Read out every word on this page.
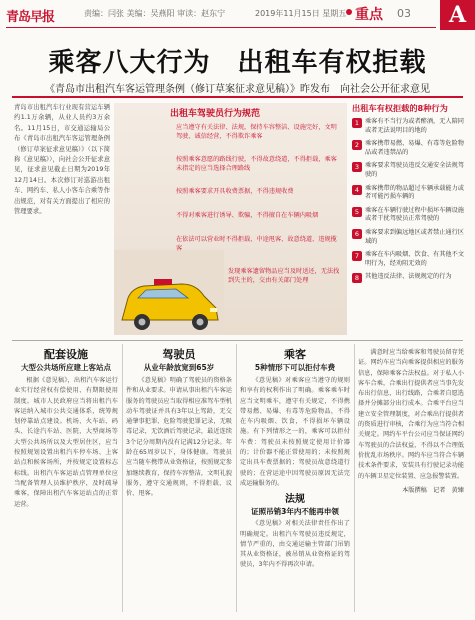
青岛早报	责编：闫张 美编：吴燕阳 审读：赵东宁	2019年11月15日 星期五 重点 03	A
乘客八大行为　出租车有权拒载
《青岛市出租汽车客运管理条例（修订草案征求意见稿）》昨发布　向社会公开征求意见
青岛市出租汽车行业现有营运车辆约1.1万余辆，从业人员约3万余名。11月15日，市交通运输局公布《青岛市出租汽车客运管理条例（修订草案征求意见稿）》（以下简称《意见稿》），向社会公开征求意见，征求意见截止日期为2019年12月14日。本次修订对巡游出租车、网约车、私人小客车合乘等作出规范，对有关方面提出了相应的管理要求。
出租车驾驶员行为规范
应当遵守有关法律、法规，保持车容整洁、设施完好，文明驾驶、诚信经营，不得欺诈乘客
按照乘客意愿的路线行驶，不得故意绕道，不得拒载，乘客未指定的应当选择合理路线
按照乘客要求开具收费票据，不得违规收费
不得对乘客进行诱导、欺骗，不得擅自在车辆内吸烟
在依法可以营业时不得拒载、中途甩客、故意绕道、违规揽客
发现乘客遗留物品应当及时送还，无法找到失主的，交由有关部门处理
出租车有权拒载的8种行为
1 乘客有不当行为或者醉酒，无人陪同或者无法说明目的地的
2 乘客携带易燃、易爆、有毒等危险物品或者违禁品的
3 乘客要求驾驶员违反交通安全法规驾驶的
4 乘客携带的物品超过车辆承载能力或者可能污损车辆的
5 乘客在车辆行驶过程中损坏车辆设施或者干扰驾驶员正常驾驶的
6 乘客要求到偏远地区或者禁止通行区域的
7 乘客在车内吸烟、饮食、有其他不文明行为，经劝阻无效的
8 其他违反法律、法规规定的行为
配套设施
大型公共场所应建上客站点

根据《意见稿》，出租汽车客运行业实行经营权有偿使用、有期限使用制度。城市人民政府应当将出租汽车客运纳入城市公共交通体系，统筹规划停靠站点建设。机场、火车站、码头、长途汽车站、医院、大型商场等大型公共场所以及大型居住区，应当按照规划设置出租汽车停车场、上客站点和候客场所，并按规定设置标志标线。出租汽车客运站点管理单位应当配备管理人员维护秩序，及时疏导乘客，保障出租汽车客运站点的正常运营。

驾驶员
从业年龄放宽到65岁

《意见稿》明确了驾驶员的资格条件和从业要求。申请从事出租汽车客运服务的驾驶员应当取得相应准驾车型机动车驾驶证并具有3年以上驾龄，无交通肇事犯罪、危险驾驶犯罪记录，无吸毒记录，无饮酒后驾驶记录，最近连续3个记分周期内没有记满12分记录。年龄在65周岁以下，身体健康。驾驶员应当随车携带从业资格证，按照规定参加继续教育，保持车容整洁，文明礼貌服务，遵守交通规则，不得拒载、议价、甩客。

乘客
5种情形下可以拒付车费

《意见稿》对乘客应当遵守的规则和享有的权利作出了明确。乘客乘车时应当文明乘车，遵守有关规定，不得携带易燃、易爆、有毒等危险物品，不得在车内吸烟、饮食，不得损坏车辆设施。有下列情形之一的，乘客可以拒付车费：驾驶员未按照规定使用计价器的；计价器不能正常使用的；未按照规定出具车费票据的；驾驶员故意绕道行驶的；在营运途中因驾驶员原因无法完成运输服务的。

法规
证照吊销3年内不能再申领

《意见稿》对相关法律责任作出了明确规定。出租汽车驾驶员违反规定，情节严重的，由交通运输主管部门吊销其从业资格证，被吊销从业资格证的驾驶员，3年内不得再次申请。

满意时应当给乘客和驾驶员留存凭证。网约车应当向乘客提供相应的服务信息，保障乘客合法权益。对于私人小客车合乘，合乘出行提供者应当事先发布出行信息，出行线路，合乘者自愿选择并分摊部分出行成本。合乘平台应当建立安全管理制度，对合乘出行提供者的资质进行审核，合乘行为应当符合相关规定。网约车平台公司应当保证网约车驾驶员的合法权益，不得以不合理低价扰乱市场秩序。网约车应当符合车辆技术条件要求，安装具有行驶记录功能的车辆卫星定位装置、应急报警装置。

本版撰稿　记者　黄臻
